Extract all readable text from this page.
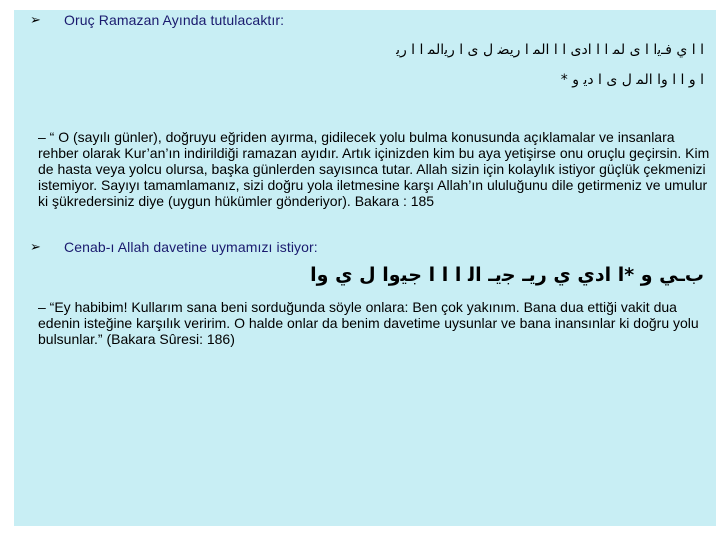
➢ Oruç Ramazan Ayında tutulacaktır:
ا ا ي فـﻳﺍ ا ﻯ ﻟﻤ ا ا ﺍﺩﻯ ا ا ﺍﻟﻤ ا ﺭﻳﻀ ﻝ ﻯ ا ﺭﻳﺍﻟﻤ ا ا ﺭﻳ
ا ﻭ ا ا ﻭﺍ ﺍﻟﻤ ﻝ ﻯ ا ﺩﻳ ﻭ *
– “ O (sayılı günler), doğruyu eğriden ayırma, gidilecek yolu bulma konusunda açıklamalar ve insanlara rehber olarak Kur’an’ın indirildiği ramazan ayıdır. Artık içinizden kim bu aya yetişirse onu oruçlu geçirsin. Kim de hasta veya yolcu olursa, başka günlerden sayısınca tutar. Allah sizin için kolaylık istiyor güçlük çekmenizi istemiyor. Sayıyı tamamlamanız, sizi doğru yola iletmesine karşı Allah’ın ululuğunu dile getirmeniz ve umulur ki şükredersiniz diye (uygun hükümler gönderiyor). Bakara : 185
➢ Cenab-ı Allah davetine uymamızı istiyor:
ﺏـﻲ ﻭ *ا ﺍﺩﻱ ﻱ ﺭﻳـ ﺟﻳـ ﺍﻟ ا ا ا ﺟﻴﻭﺍ ﻝ ﻱ ﻭﺍ
– “Ey habibim! Kullarım sana beni sorduğunda söyle onlara: Ben çok yakınım. Bana dua ettiği vakit dua edenin isteğine karşılık veririm. O halde onlar da benim davetime uysunlar ve bana inansınlar ki doğru yolu bulsunlar.” (Bakara Sûresi: 186)
